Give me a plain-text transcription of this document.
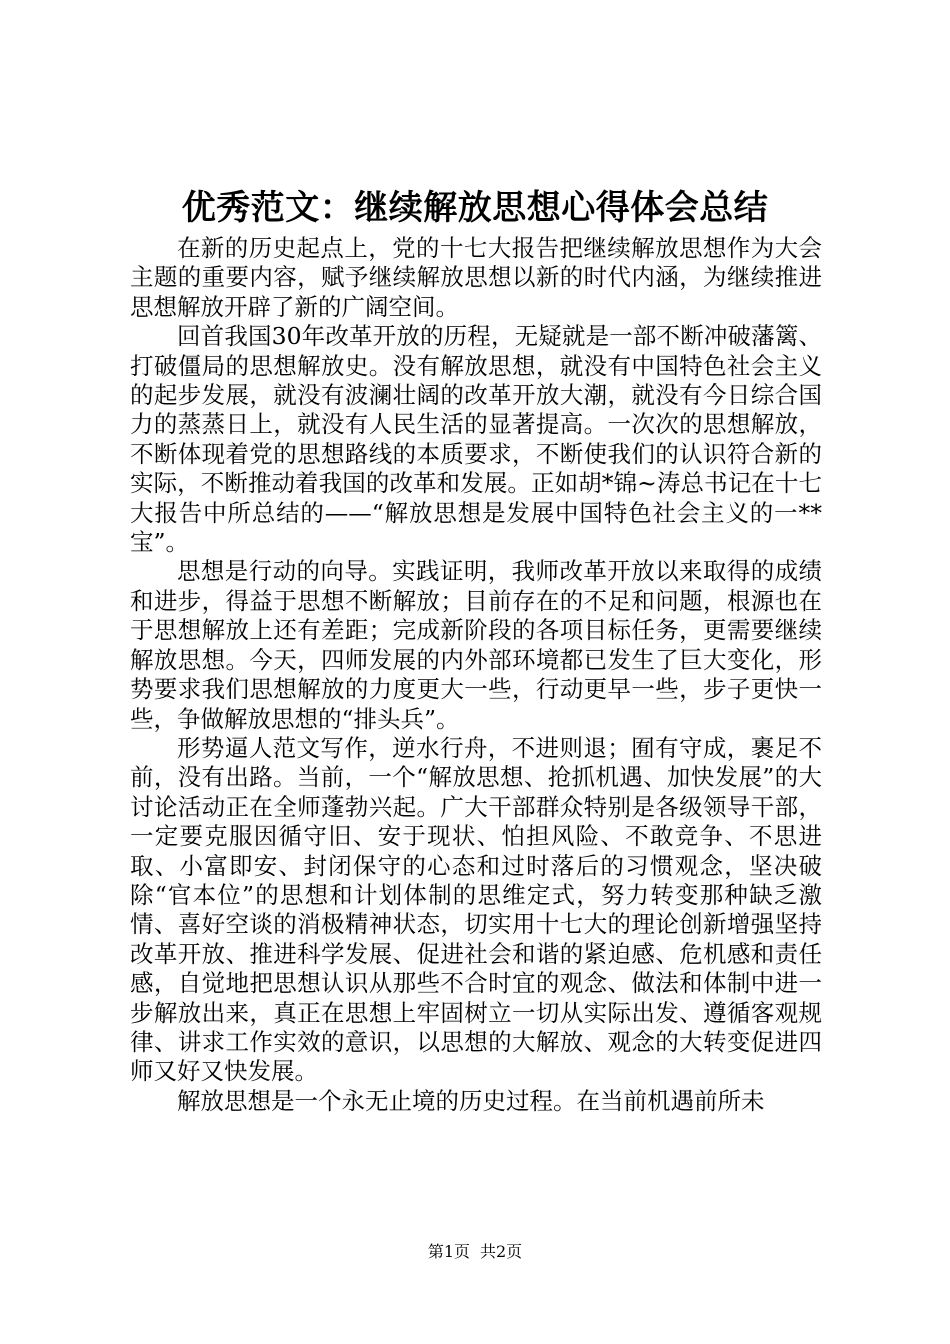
优秀范文：继续解放思想心得体会总结

在新的历史起点上，党的十七大报告把继续解放思想作为大会主题的重要内容，赋予继续解放思想以新的时代内涵，为继续推进思想解放开辟了新的广阔空间。

回首我国30年改革开放的历程，无疑就是一部不断冲破藩篱、打破僵局的思想解放史。没有解放思想，就没有中国特色社会主义的起步发展，就没有波澜壮阔的改革开放大潮，就没有今日综合国力的蒸蒸日上，就没有人民生活的显著提高。一次次的思想解放，不断体现着党的思想路线的本质要求，不断使我们的认识符合新的实际，不断推动着我国的改革和发展。正如胡*锦~涛总书记在十七大报告中所总结的——“解放思想是发展中国特色社会主义的一**宝”。

思想是行动的向导。实践证明，我师改革开放以来取得的成绩和进步，得益于思想不断解放；目前存在的不足和问题，根源也在于思想解放上还有差距；完成新阶段的各项目标任务，更需要继续解放思想。今天，四师发展的内外部环境都已发生了巨大变化，形势要求我们思想解放的力度更大一些，行动更早一些，步子更快一些，争做解放思想的“排头兵”。

形势逼人范文写作，逆水行舟，不进则退；囿有守成，裹足不前，没有出路。当前，一个“解放思想、抢抓机遇、加快发展”的大讨论活动正在全师蓬勃兴起。广大干部群众特别是各级领导干部，一定要克服因循守旧、安于现状、怕担风险、不敢竞争、不思进取、小富即安、封闭保守的心态和过时落后的习惯观念，坚决破除“官本位”的思想和计划体制的思维定式，努力转变那种缺乏激情、喜好空谈的消极精神状态，切实用十七大的理论创新增强坚持改革开放、推进科学发展、促进社会和谐的紧迫感、危机感和责任感，自觉地把思想认识从那些不合时宜的观念、做法和体制中进一步解放出来，真正在思想上牢固树立一切从实际出发、遵循客观规律、讲求工作实效的意识，以思想的大解放、观念的大转变促进四师又好又快发展。

解放思想是一个永无止境的历史过程。在当前机遇前所未

第1页 共2页
